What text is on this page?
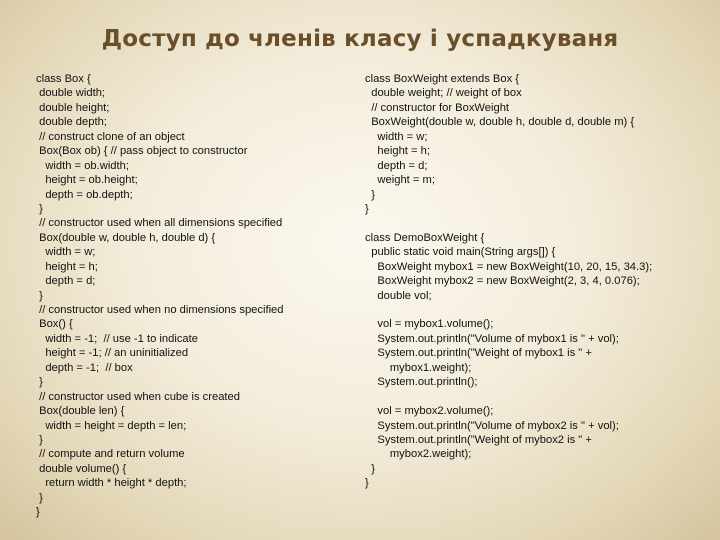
Доступ до членів класу і успадкуваня
class Box {
double width;
double height;
double depth;
// construct clone of an object
Box(Box ob) { // pass object to constructor
width = ob.width;
height = ob.height;
depth = ob.depth;
}
// constructor used when all dimensions specified
Box(double w, double h, double d) {
width = w;
height = h;
depth = d;
}
// constructor used when no dimensions specified
Box() {
width = -1;  // use -1 to indicate
height = -1; // an uninitialized
depth = -1;  // box
}
// constructor used when cube is created
Box(double len) {
width = height = depth = len;
}
// compute and return volume
double volume() {
return width * height * depth;
}
}
class BoxWeight extends Box {
double weight; // weight of box
// constructor for BoxWeight
BoxWeight(double w, double h, double d, double m) {
width = w;
height = h;
depth = d;
weight = m;
}
}
class DemoBoxWeight {
public static void main(String args[]) {
BoxWeight mybox1 = new BoxWeight(10, 20, 15, 34.3);
BoxWeight mybox2 = new BoxWeight(2, 3, 4, 0.076);
double vol;
vol = mybox1.volume();
System.out.println("Volume of mybox1 is " + vol);
System.out.println("Weight of mybox1 is " +
mybox1.weight);
System.out.println();
vol = mybox2.volume();
System.out.println("Volume of mybox2 is " + vol);
System.out.println("Weight of mybox2 is " +
mybox2.weight);
}
}
